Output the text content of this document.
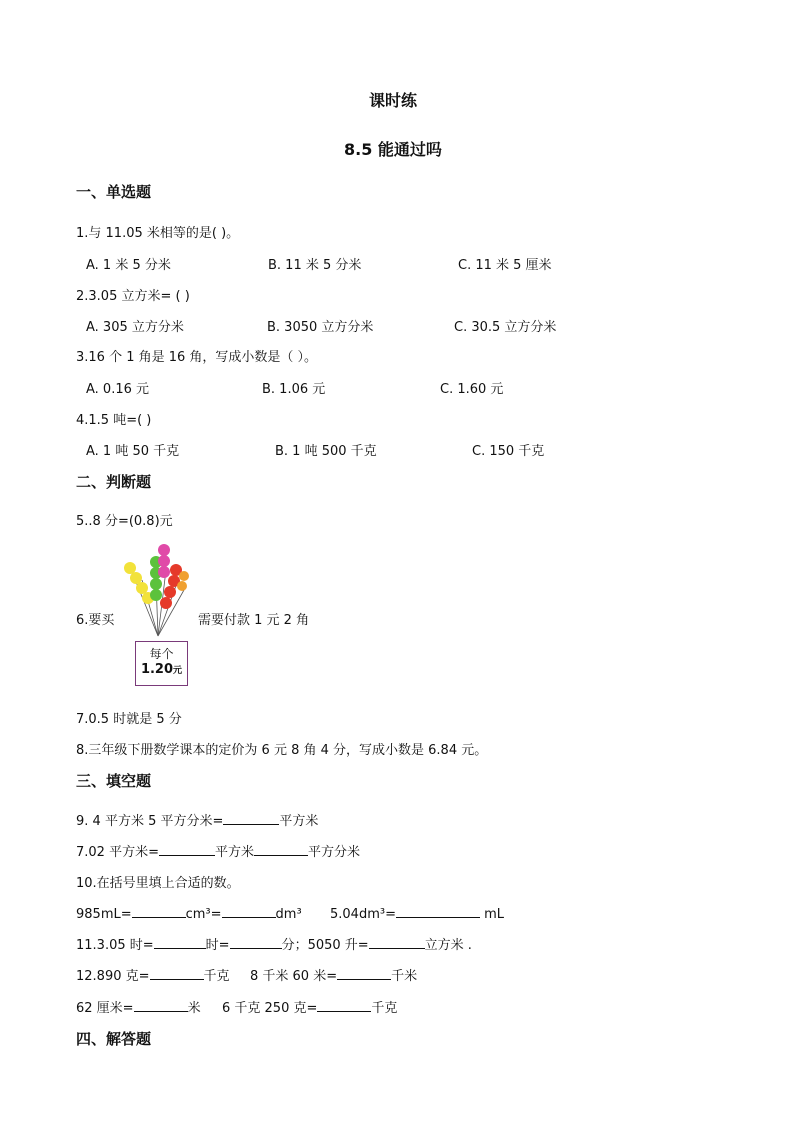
课时练
8.5 能通过吗
一、单选题
1.与 11.05 米相等的是( )。
A. 1 米 5 分米	B. 11 米 5 分米	C. 11 米 5 厘米
2.3.05 立方米= ( )
A. 305 立方分米	B. 3050 立方分米	C. 30.5 立方分米
3.16 个 1 角是 16 角，写成小数是（ ）。
A. 0.16 元	B. 1.06 元	C. 1.60 元
4.1.5 吨=( )
A. 1 吨 50 千克	B. 1 吨 500 千克	C. 150 千克
二、判断题
5..8 分=(0.8)元
6.要买	需要付款 1 元 2 角
每个
1.20元
7.0.5 时就是 5 分
8.三年级下册数学课本的定价为 6 元 8 角 4 分，写成小数是 6.84 元。
三、填空题
9. 4 平方米 5 平方分米=	平方米
7.02 平方米=	平方米	平方分米
10.在括号里填上合适的数。
985mL=	cm³=	dm³ 5.04dm³=	mL
11.3.05 时=	时=	分；5050 升=	立方米 .
12.890 克=	千克 8 千米 60 米=	千米
62 厘米=	米 6 千克 250 克=	千克
四、解答题
